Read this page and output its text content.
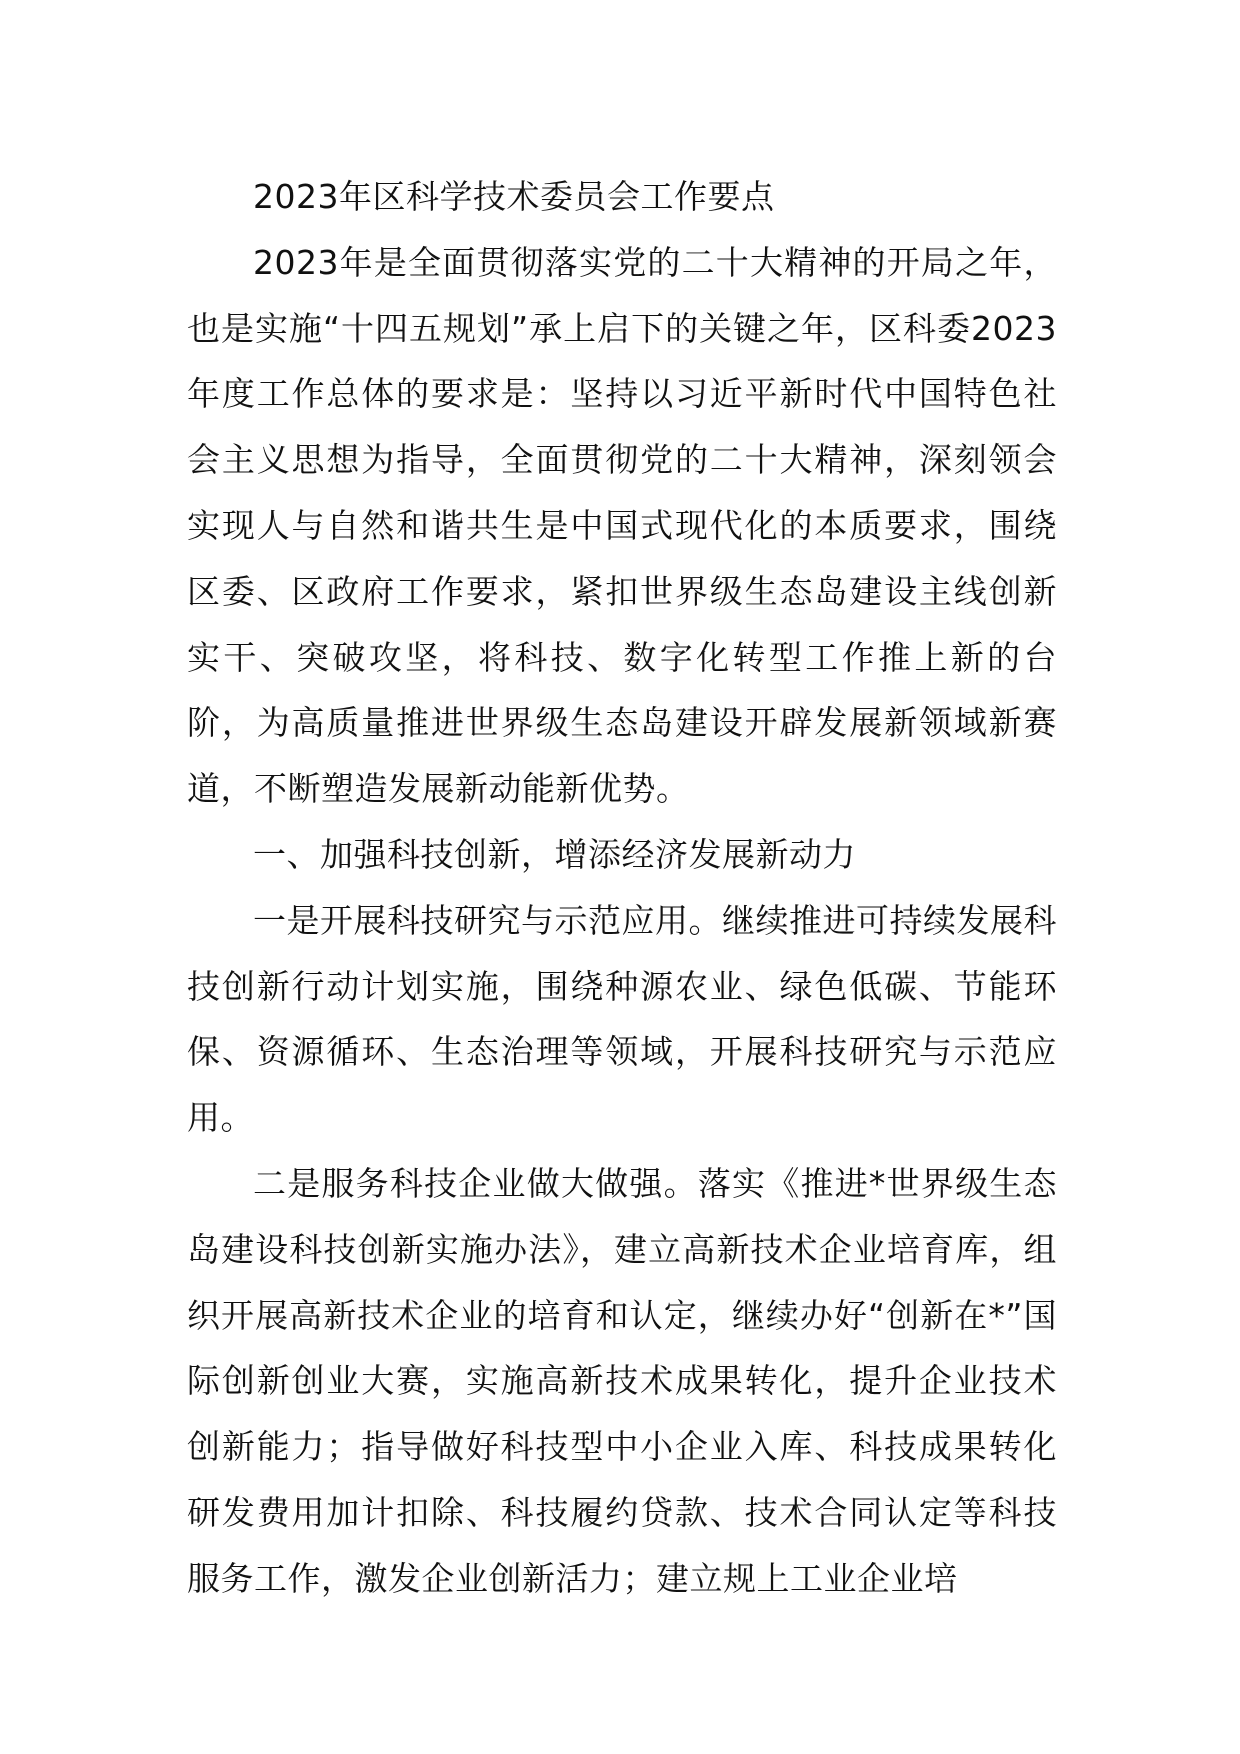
2023年区科学技术委员会工作要点

2023年是全面贯彻落实党的二十大精神的开局之年，也是实施“十四五规划”承上启下的关键之年，区科委2023年度工作总体的要求是：坚持以习近平新时代中国特色社会主义思想为指导，全面贯彻党的二十大精神，深刻领会实现人与自然和谐共生是中国式现代化的本质要求，围绕区委、区政府工作要求，紧扣世界级生态岛建设主线创新实干、突破攻坚，将科技、数字化转型工作推上新的台阶，为高质量推进世界级生态岛建设开辟发展新领域新赛道，不断塑造发展新动能新优势。

一、加强科技创新，增添经济发展新动力

一是开展科技研究与示范应用。继续推进可持续发展科技创新行动计划实施，围绕种源农业、绿色低碳、节能环保、资源循环、生态治理等领域，开展科技研究与示范应用。

二是服务科技企业做大做强。落实《推进*世界级生态岛建设科技创新实施办法》，建立高新技术企业培育库，组织开展高新技术企业的培育和认定，继续办好“创新在*”国际创新创业大赛，实施高新技术成果转化，提升企业技术创新能力；指导做好科技型中小企业入库、科技成果转化研发费用加计扣除、科技履约贷款、技术合同认定等科技服务工作，激发企业创新活力；建立规上工业企业培
